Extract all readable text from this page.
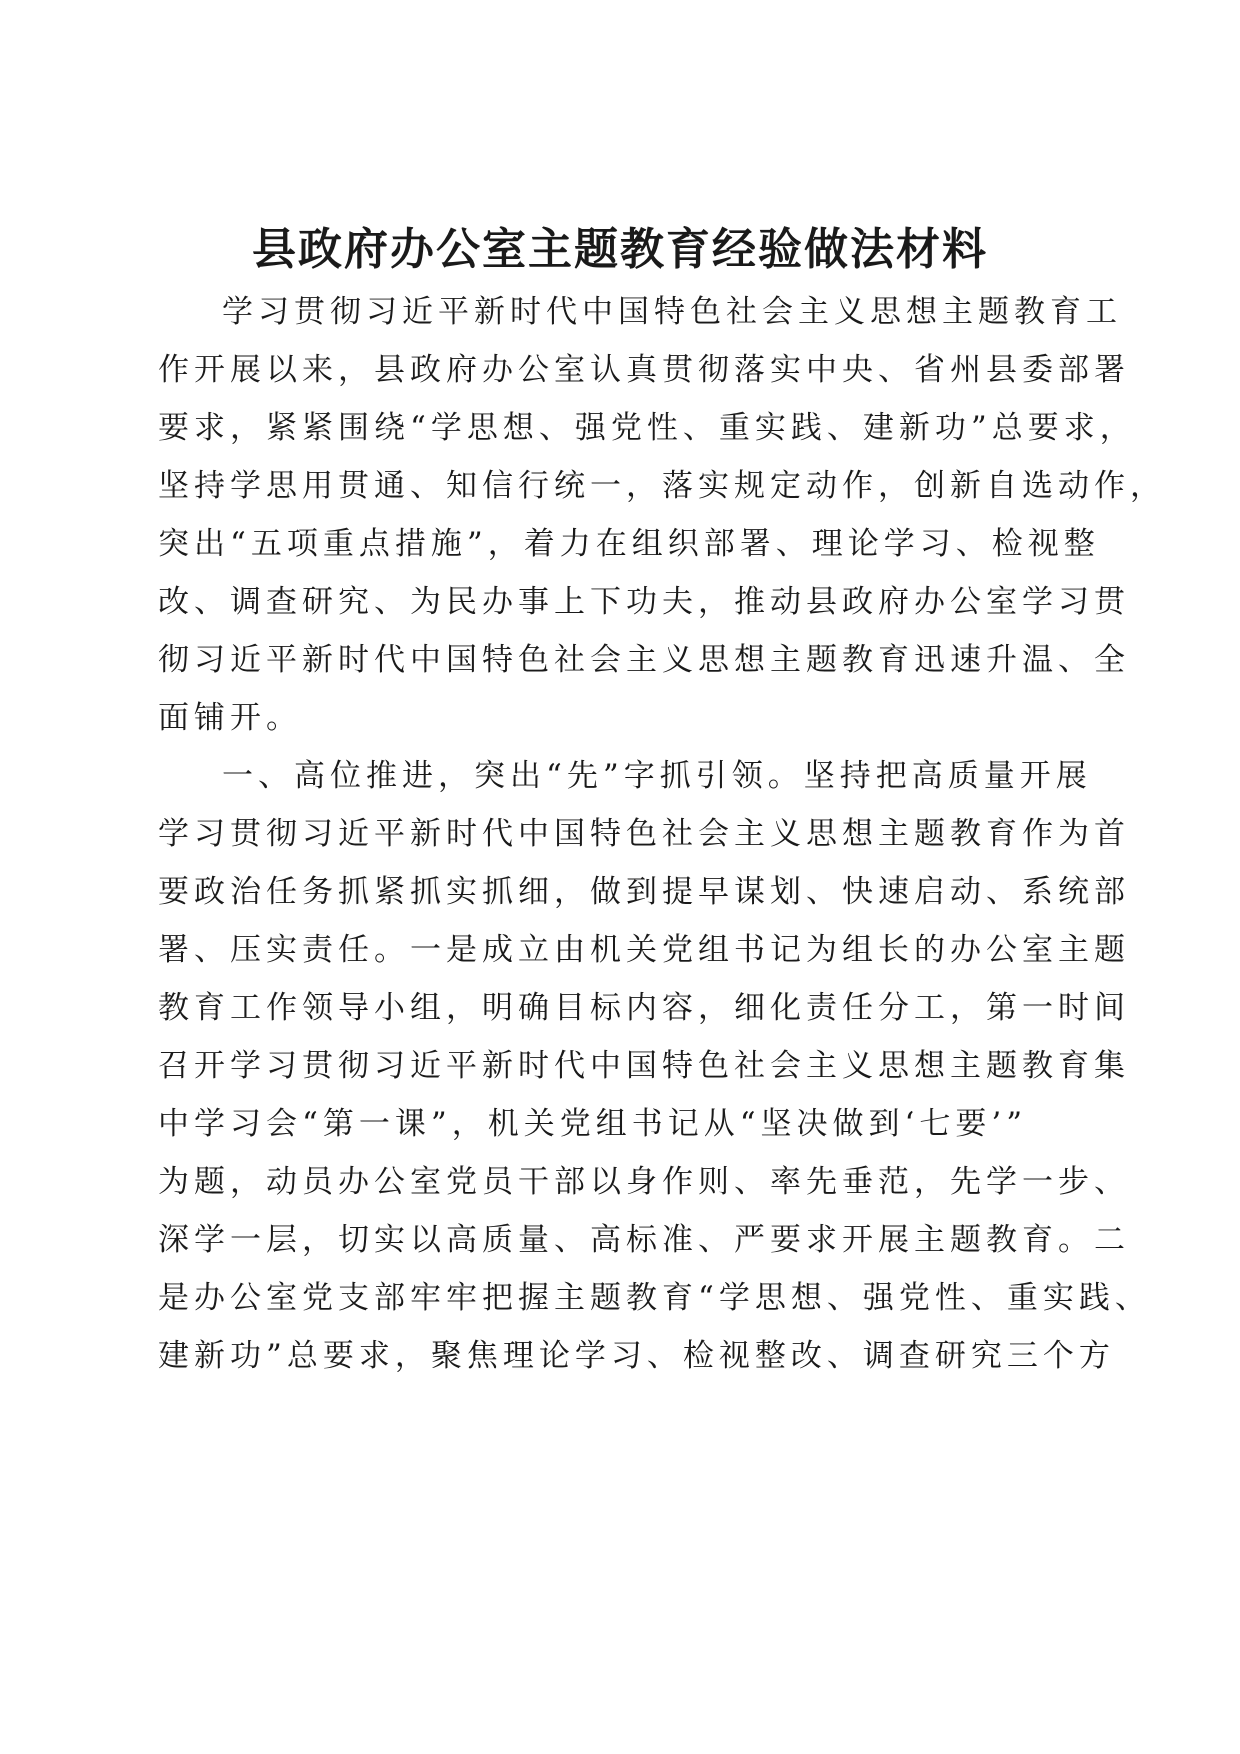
县政府办公室主题教育经验做法材料

学习贯彻习近平新时代中国特色社会主义思想主题教育工

作开展以来，县政府办公室认真贯彻落实中央、省州县委部署

要求，紧紧围绕“学思想、强党性、重实践、建新功”总要求，

坚持学思用贯通、知信行统一，落实规定动作，创新自选动作，

突出“五项重点措施”，着力在组织部署、理论学习、检视整

改、调查研究、为民办事上下功夫，推动县政府办公室学习贯

彻习近平新时代中国特色社会主义思想主题教育迅速升温、全

面铺开。

一、高位推进，突出“先”字抓引领。坚持把高质量开展

学习贯彻习近平新时代中国特色社会主义思想主题教育作为首

要政治任务抓紧抓实抓细，做到提早谋划、快速启动、系统部

署、压实责任。一是成立由机关党组书记为组长的办公室主题

教育工作领导小组，明确目标内容，细化责任分工，第一时间

召开学习贯彻习近平新时代中国特色社会主义思想主题教育集

中学习会“第一课”，机关党组书记从“坚决做到‘七要’”

为题，动员办公室党员干部以身作则、率先垂范，先学一步、

深学一层，切实以高质量、高标准、严要求开展主题教育。二

是办公室党支部牢牢把握主题教育“学思想、强党性、重实践、

建新功”总要求，聚焦理论学习、检视整改、调查研究三个方
